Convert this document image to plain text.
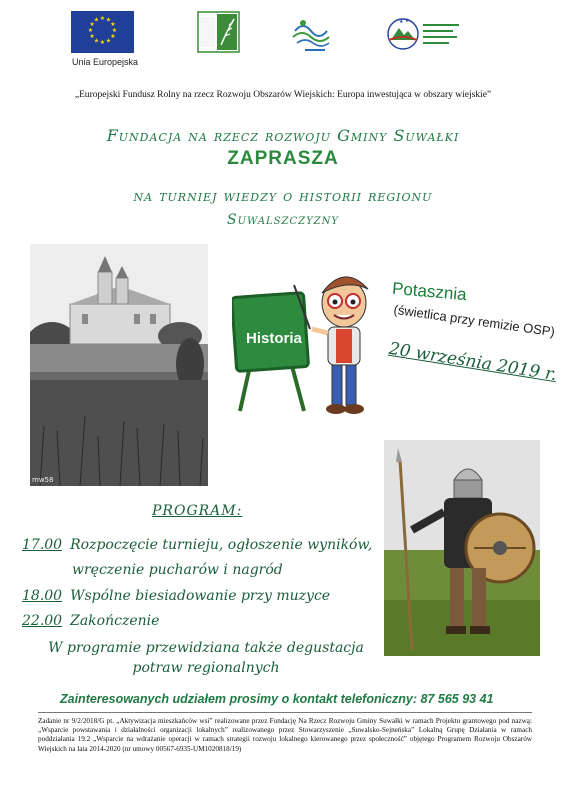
★ ★
★
★
★
★
★
★
★
★
★
★
Unia Europejska
★ ★
„Europejski Fundusz Rolny na rzecz Rozwoju Obszarów Wiejskich: Europa inwestująca w obszary wiejskie”
Fundacja na rzecz rozwoju Gminy Suwałki
ZAPRASZA
na turniej wiedzy o historii regionu
Suwalszczyzny
mw58
Historia
Potasznia
(świetlica przy remizie OSP)
20 września 2019 r.
PROGRAM:
17.00 Rozpoczęcie turnieju, ogłoszenie wyników,
wręczenie pucharów i nagród
18.00 Wspólne biesiadowanie przy muzyce
22.00 Zakończenie
W programie przewidziana także degustacja potraw regionalnych
Zainteresowanych udziałem prosimy o kontakt telefoniczny: 87 565 93 41
Zadanie nr 9/2/2018/G pt. „Aktywizacja mieszkańców wsi” realizowane przez Fundację Na Rzecz Rozwoju Gminy Suwałki w ramach Projektu grantowego pod nazwą: „Wsparcie powstawania i działalności organizacji lokalnych” realizowanego przez Stowarzyszenie „Suwalsko-Sejneńska” Lokalną Grupę Działania w ramach poddziałania 19.2 „Wsparcie na wdrażanie operacji w ramach strategii rozwoju lokalnego kierowanego przez społeczność” objętego Programem Rozwoju Obszarów Wiejskich na lata 2014-2020 (nr umowy 00567-6935-UM1020818/19)
